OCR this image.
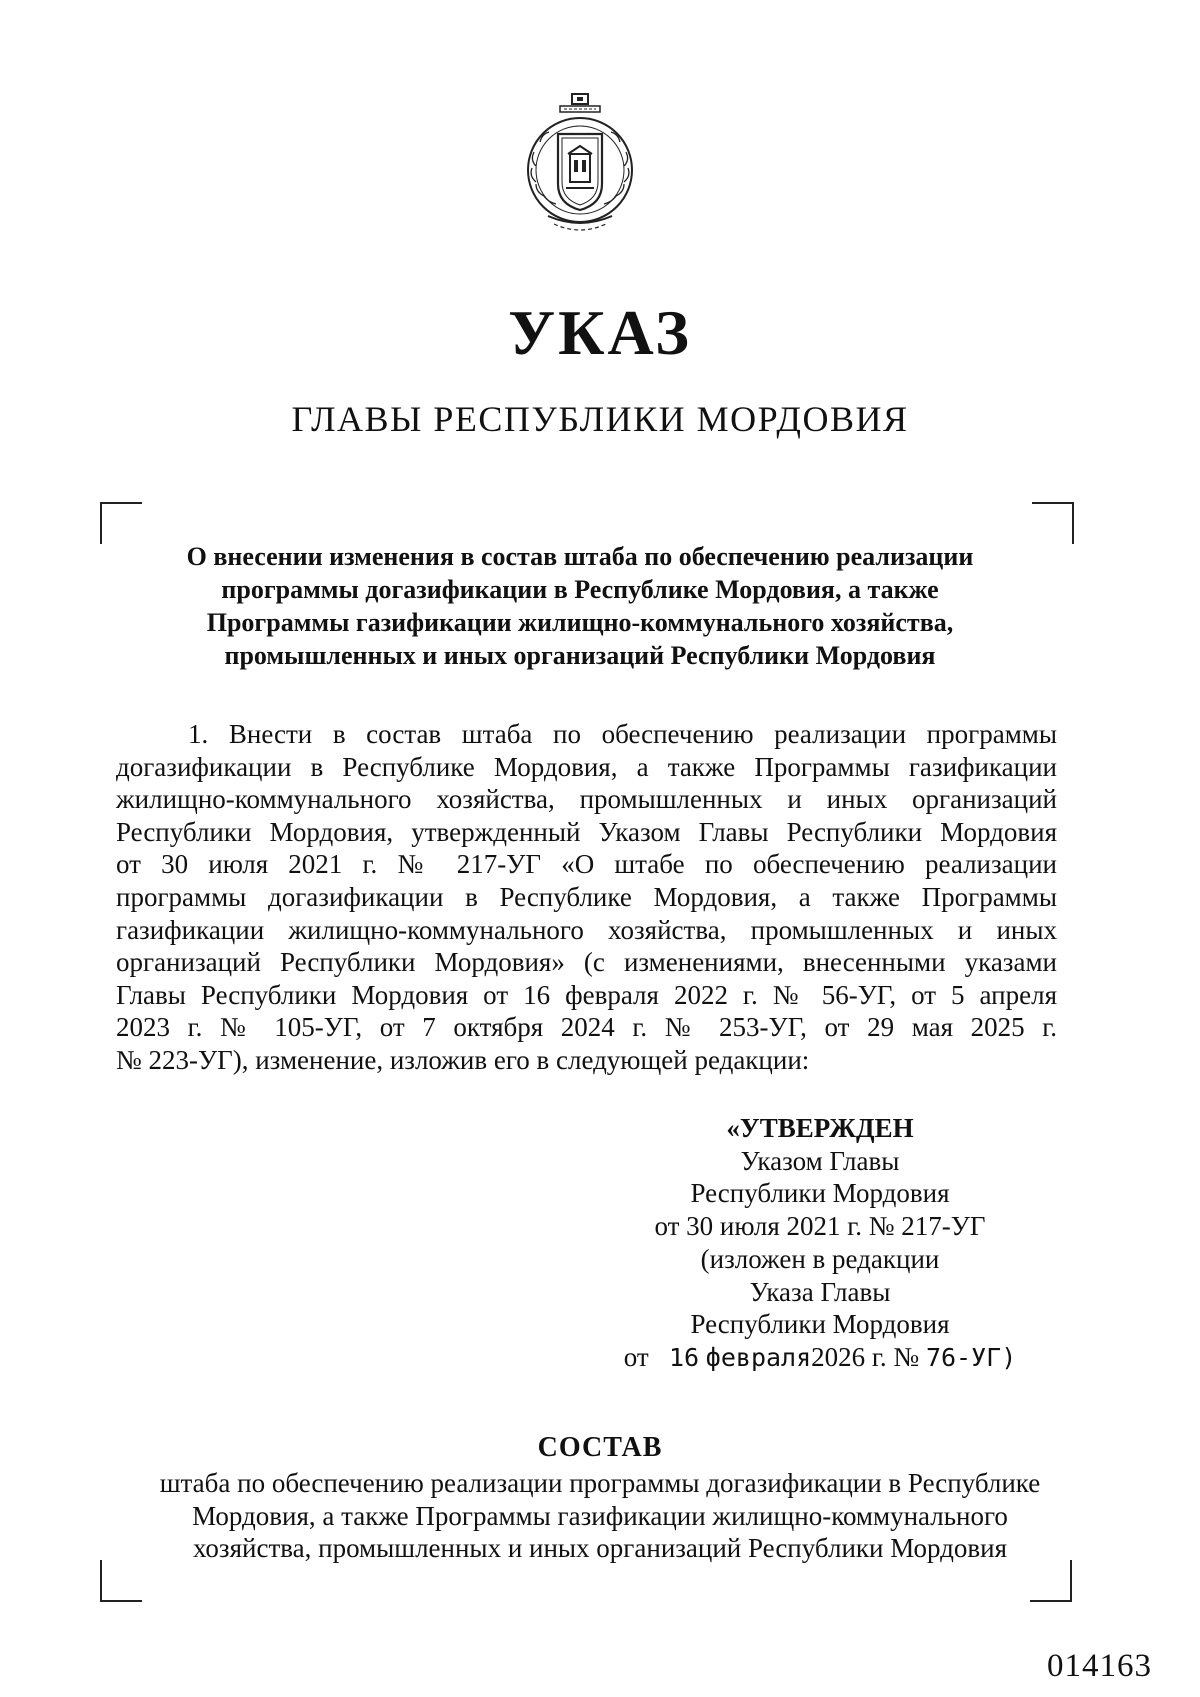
УКАЗ
ГЛАВЫ РЕСПУБЛИКИ МОРДОВИЯ
О внесении изменения в состав штаба по обеспечению реализации
программы догазификации в Республике Мордовия, а также
Программы газификации жилищно-коммунального хозяйства,
промышленных и иных организаций Республики Мордовия
1. Внести в состав штаба по обеспечению реализации программы
догазификации в Республике Мордовия, а также Программы газификации
жилищно-коммунального хозяйства, промышленных и иных организаций
Республики Мордовия, утвержденный Указом Главы Республики Мордовия
от 30 июля 2021 г. № 217-УГ «О штабе по обеспечению реализации
программы догазификации в Республике Мордовия, а также Программы
газификации жилищно-коммунального хозяйства, промышленных и иных
организаций Республики Мордовия» (с изменениями, внесенными указами
Главы Республики Мордовия от 16 февраля 2022 г. № 56-УГ, от 5 апреля
2023 г. № 105-УГ, от 7 октября 2024 г. № 253-УГ, от 29 мая 2025 г.
№ 223-УГ), изменение, изложив его в следующей редакции:
«УТВЕРЖДЕН
Указом Главы
Республики Мордовия
от 30 июля 2021 г. № 217-УГ
(изложен в редакции
Указа Главы
Республики Мордовия
от 16 февраля2026 г. № 76-УГ)
СОСТАВ
штаба по обеспечению реализации программы догазификации в Республике
Мордовия, а также Программы газификации жилищно-коммунального
хозяйства, промышленных и иных организаций Республики Мордовия
014163
